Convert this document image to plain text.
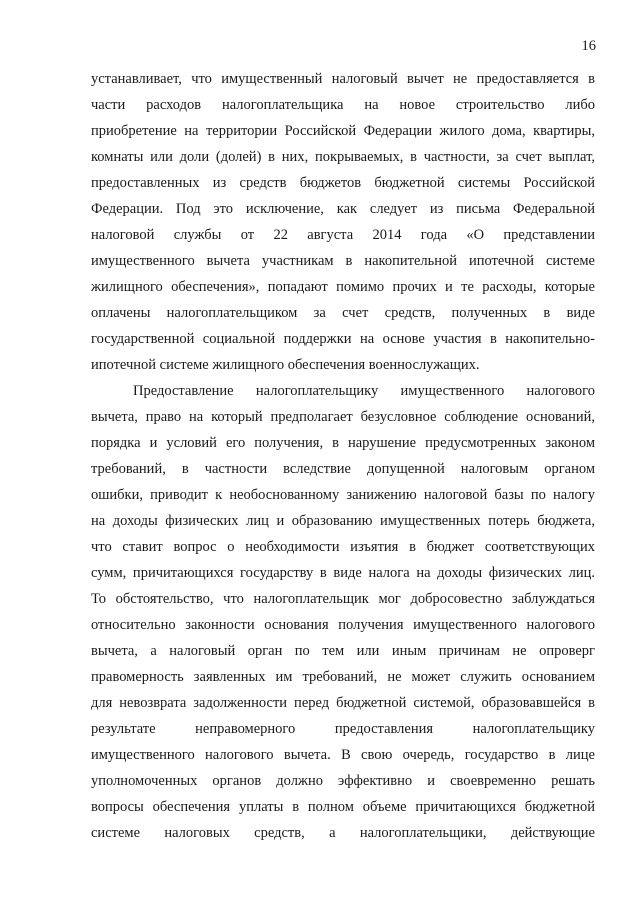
16
устанавливает, что имущественный налоговый вычет не предоставляется в
части расходов налогоплательщика на новое строительство либо
приобретение на территории Российской Федерации жилого дома, квартиры,
комнаты или доли (долей) в них, покрываемых, в частности, за счет выплат,
предоставленных из средств бюджетов бюджетной системы Российской
Федерации. Под это исключение, как следует из письма Федеральной
налоговой службы от 22 августа 2014 года «О представлении
имущественного вычета участникам в накопительной ипотечной системе
жилищного обеспечения», попадают помимо прочих и те расходы, которые
оплачены налогоплательщиком за счет средств, полученных в виде
государственной социальной поддержки на основе участия в накопительно-
ипотечной системе жилищного обеспечения военнослужащих.
Предоставление налогоплательщику имущественного налогового
вычета, право на который предполагает безусловное соблюдение оснований,
порядка и условий его получения, в нарушение предусмотренных законом
требований, в частности вследствие допущенной налоговым органом
ошибки, приводит к необоснованному занижению налоговой базы по налогу
на доходы физических лиц и образованию имущественных потерь бюджета,
что ставит вопрос о необходимости изъятия в бюджет соответствующих
сумм, причитающихся государству в виде налога на доходы физических лиц.
То обстоятельство, что налогоплательщик мог добросовестно заблуждаться
относительно законности основания получения имущественного налогового
вычета, а налоговый орган по тем или иным причинам не опроверг
правомерность заявленных им требований, не может служить основанием
для невозврата задолженности перед бюджетной системой, образовавшейся в
результате неправомерного предоставления налогоплательщику
имущественного налогового вычета. В свою очередь, государство в лице
уполномоченных органов должно эффективно и своевременно решать
вопросы обеспечения уплаты в полном объеме причитающихся бюджетной
системе налоговых средств, а налогоплательщики, действующие
